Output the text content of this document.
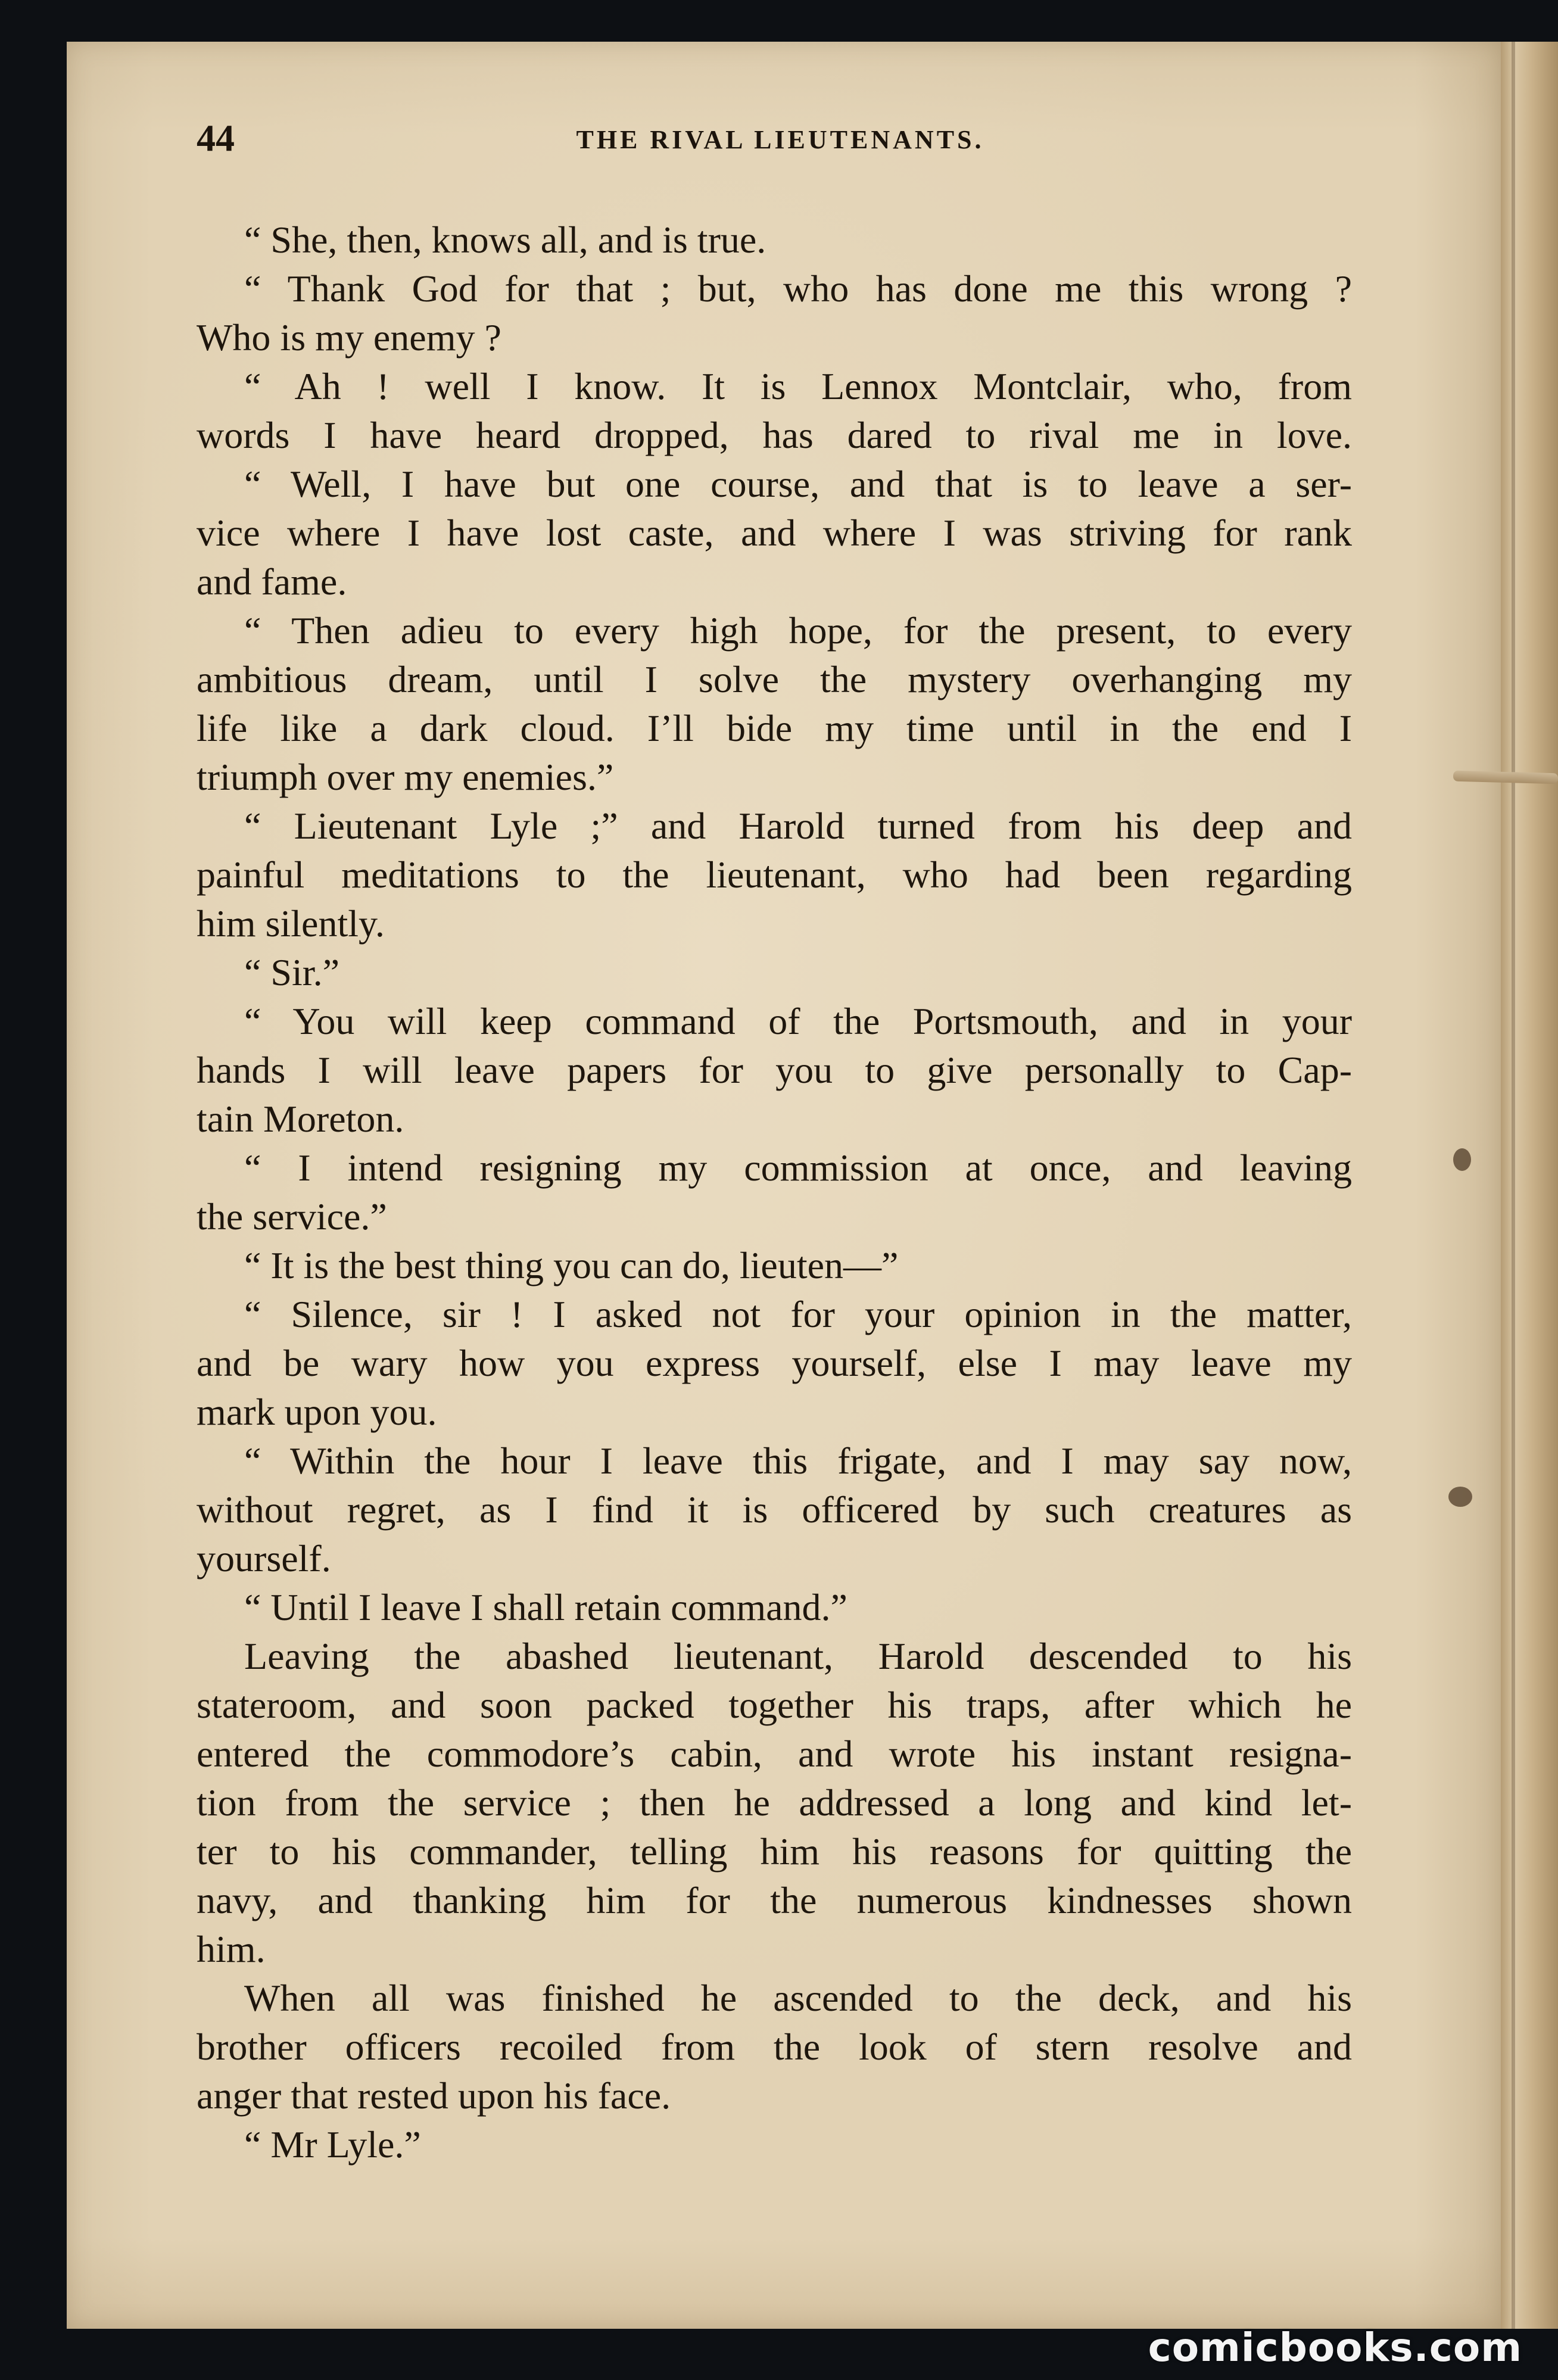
44	THE RIVAL LIEUTENANTS.
“ She, then, knows all, and is true.
“ Thank God for that ; but, who has done me this wrong ?
Who is my enemy ?
“ Ah ! well I know. It is Lennox Montclair, who, from
words I have heard dropped, has dared to rival me in love.
“ Well, I have but one course, and that is to leave a ser-
vice where I have lost caste, and where I was striving for rank
and fame.
“ Then adieu to every high hope, for the present, to every
ambitious dream, until I solve the mystery overhanging my
life like a dark cloud. I’ll bide my time until in the end I
triumph over my enemies.”
“ Lieutenant Lyle ;” and Harold turned from his deep and
painful meditations to the lieutenant, who had been regarding
him silently.
“ Sir.”
“ You will keep command of the Portsmouth, and in your
hands I will leave papers for you to give personally to Cap-
tain Moreton.
“ I intend resigning my commission at once, and leaving
the service.”
“ It is the best thing you can do, lieuten—”
“ Silence, sir ! I asked not for your opinion in the matter,
and be wary how you express yourself, else I may leave my
mark upon you.
“ Within the hour I leave this frigate, and I may say now,
without regret, as I find it is officered by such creatures as
yourself.
“ Until I leave I shall retain command.”
Leaving the abashed lieutenant, Harold descended to his
stateroom, and soon packed together his traps, after which he
entered the commodore’s cabin, and wrote his instant resigna-
tion from the service ; then he addressed a long and kind let-
ter to his commander, telling him his reasons for quitting the
navy, and thanking him for the numerous kindnesses shown
him.
When all was finished he ascended to the deck, and his
brother officers recoiled from the look of stern resolve and
anger that rested upon his face.
“ Mr Lyle.”
comicbooks.com
